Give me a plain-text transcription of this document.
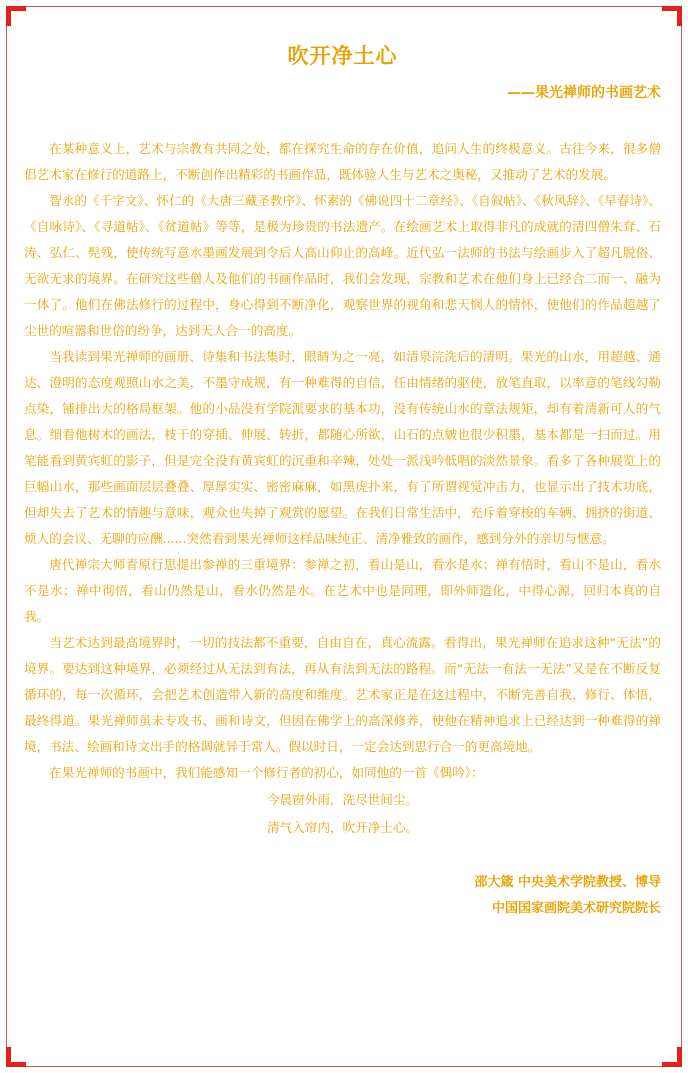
吹开净土心
——果光禅师的书画艺术

在某种意义上，艺术与宗教有共同之处，都在探究生命的存在价值，追问人生的终极意义。古往今来，很多僧侣艺术家在修行的道路上，不断创作出精彩的书画作品，既体验人生与艺术之奥秘，又推动了艺术的发展。

智永的《千字文》、怀仁的《大唐三藏圣教序》、怀素的《佛说四十二章经》、《自叙帖》、《秋风辞》、《早春诗》、《自咏诗》、《寻道帖》、《贫道帖》等等，是极为珍贵的书法遗产。在绘画艺术上取得非凡的成就的清四僧朱耷、石涛、弘仁、髡残，使传统写意水墨画发展到令后人高山仰止的高峰。近代弘一法师的书法与绘画步入了超凡脱俗、无欲无求的境界。在研究这些僧人及他们的书画作品时，我们会发现，宗教和艺术在他们身上已经合二而一、融为一体了。他们在佛法修行的过程中，身心得到不断净化，观察世界的视角和悲天悯人的情怀，使他们的作品超越了尘世的喧嚣和世俗的纷争，达到天人合一的高度。

当我读到果光禅师的画册、诗集和书法集时，眼睛为之一亮，如清泉浣洗后的清明。果光的山水，用超越、通达、澄明的态度观照山水之美，不墨守成规，有一种难得的自信，任由情绪的驱使，放笔直取，以率意的笔线勾勒点染，铺排出大的格局框架。他的小品没有学院派要求的基本功，没有传统山水的章法规矩，却有着清新可人的气息。细看他树木的画法，枝干的穿插、伸展、转折，都随心所欲，山石的点皴也很少积墨，基本都是一扫而过。用笔能看到黄宾虹的影子，但是完全没有黄宾虹的沉重和辛辣，处处一派浅吟低唱的淡然景象。看多了各种展览上的巨幅山水，那些画面层层叠叠、厚厚实实、密密麻麻，如黑虎扑来，有了所谓视觉冲击力，也显示出了技术功底，但却失去了艺术的情趣与意味，观众也失掉了观赏的愿望。在我们日常生活中，充斥着穿梭的车辆、拥挤的街道、烦人的会议、无聊的应酬......突然看到果光禅师这样品味纯正、清净雅致的画作，感到分外的亲切与惬意。

唐代禅宗大师青原行思提出参禅的三重境界：参禅之初，看山是山，看水是水；禅有悟时，看山不是山，看水不是水；禅中彻悟，看山仍然是山，看水仍然是水。在艺术中也是同理，即外师造化，中得心源，回归本真的自我。

当艺术达到最高境界时，一切的技法都不重要，自由自在，真心流露。看得出，果光禅师在追求这种“无法”的境界。要达到这种境界，必须经过从无法到有法，再从有法到无法的路程。而“无法一有法一无法”又是在不断反复循环的，每一次循环，会把艺术创造带入新的高度和维度。艺术家正是在这过程中，不断完善自我，修行、体悟，最终得道。果光禅师虽未专攻书、画和诗文，但因在佛学上的高深修养，使他在精神追求上已经达到一种难得的禅境，书法、绘画和诗文出手的格调就异于常人。假以时日，一定会达到思行合一的更高境地。

在果光禅师的书画中，我们能感知一个修行者的初心，如同他的一首《偶吟》：

今晨窗外雨，洗尽世间尘。

清气入帘内，吹开净土心。

邵大箴 中央美术学院教授、博导

中国国家画院美术研究院院长
